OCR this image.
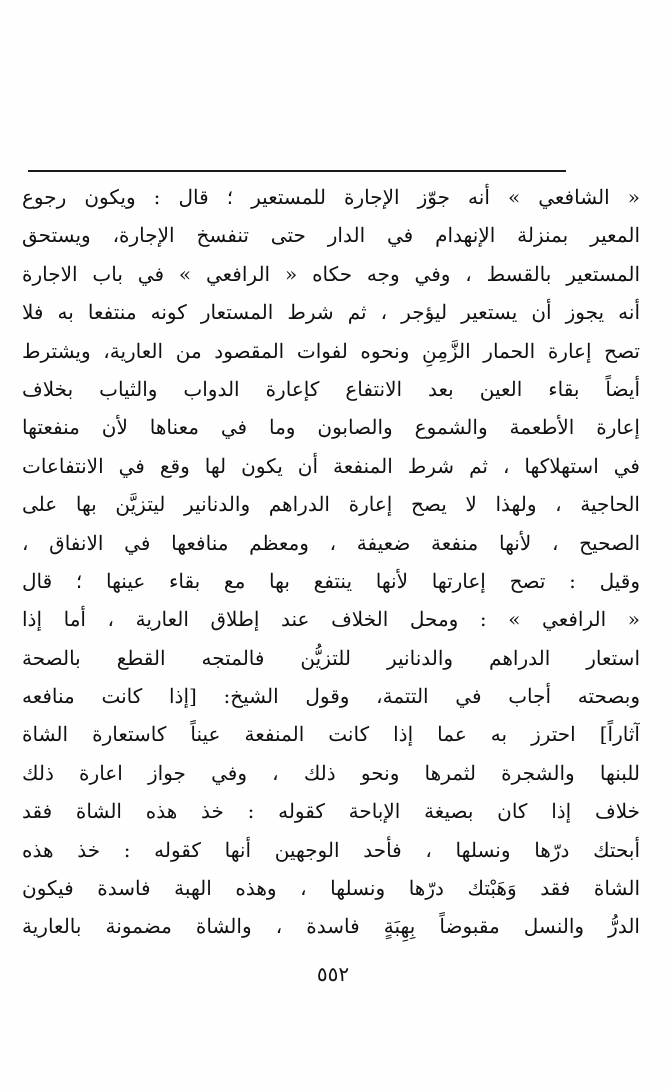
« الشافعي » أنه جوّز الإجارة للمستعير ؛ قال : ويكون رجوع
المعير بمنزلة الإنهدام في الدار حتى تنفسخ الإجارة، ويستحق
المستعير بالقسط ، وفي وجه حكاه « الرافعي » في باب الاجارة
أنه يجوز أن يستعير ليؤجر ، ثم شرط المستعار كونه منتفعا به فلا
تصح إعارة الحمار الزَّمِنِ ونحوه لفوات المقصود من العارية، ويشترط
أيضاً بقاء العين بعد الانتفاع كإعارة الدواب والثياب بخلاف
إعارة الأطعمة والشموع والصابون وما في معناها لأن منفعتها
في استهلاكها ، ثم شرط المنفعة أن يكون لها وقع في الانتفاعات
الحاجية ، ولهذا لا يصح إعارة الدراهم والدنانير ليتزيَّن بها على
الصحيح ، لأنها منفعة ضعيفة ، ومعظم منافعها في الانفاق ،
وقيل : تصح إعارتها لأنها ينتفع بها مع بقاء عينها ؛ قال
« الرافعي » : ومحل الخلاف عند إطلاق العارية ، أما إذا
استعار الدراهم والدنانير للتزيُّن فالمتجه القطع بالصحة
وبصحته أجاب في التتمة، وقول الشيخ: [إذا كانت منافعه
آثاراً] احترز به عما إذا كانت المنفعة عيناً كاستعارة الشاة
للبنها والشجرة لثمرها ونحو ذلك ، وفي جواز اعارة ذلك
خلاف إذا كان بصيغة الإباحة كقوله : خذ هذه الشاة فقد
أبحتك درّها ونسلها ، فأحد الوجهين أنها كقوله : خذ هذه
الشاة فقد وَهَبْتك درّها ونسلها ، وهذه الهبة فاسدة فيكون
الدرُّ والنسل مقبوضاً بِهِبَةٍ فاسدة ، والشاة مضمونة بالعارية
٥٥٢
